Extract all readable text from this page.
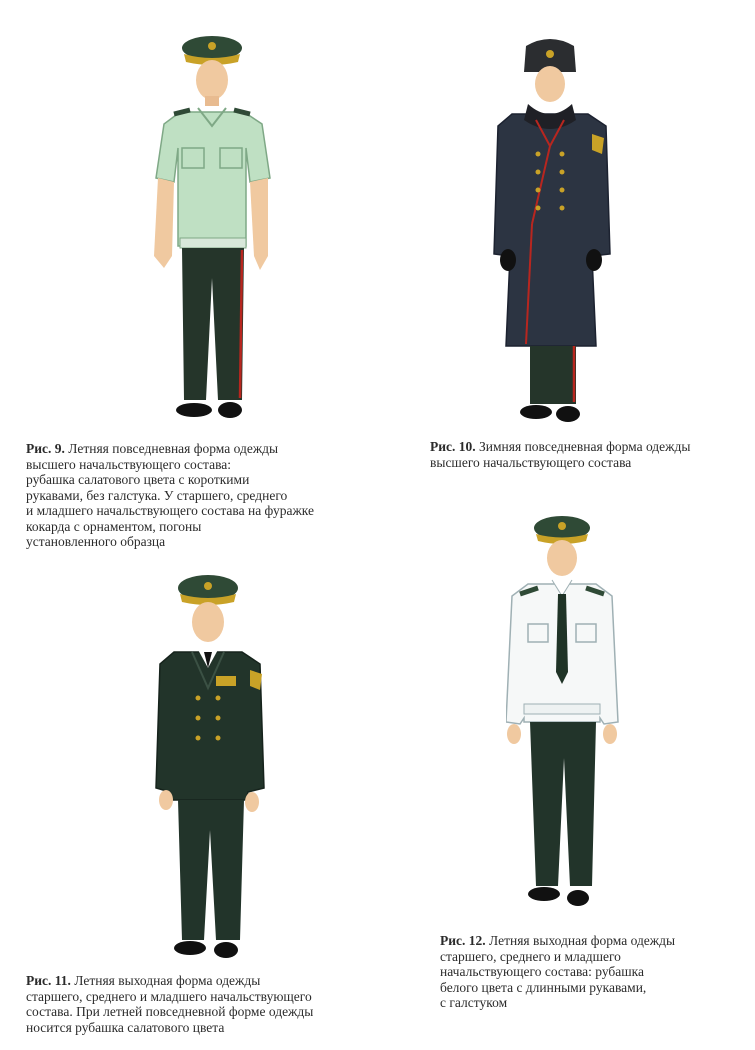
Рис. 9. Летняя повседневная форма одежды
высшего начальствующего состава:
рубашка салатового цвета с короткими
рукавами, без галстука. У старшего, среднего
и младшего начальствующего состава на фуражке
кокарда с орнаментом, погоны
установленного образца
Рис. 10. Зимняя повседневная форма одежды
высшего начальствующего состава
Рис. 11. Летняя выходная форма одежды
старшего, среднего и младшего начальствующего
состава. При летней повседневной форме одежды
носится рубашка салатового цвета
Рис. 12. Летняя выходная форма одежды
старшего, среднего и младшего
начальствующего состава: рубашка
белого цвета с длинными рукавами,
с галстуком
